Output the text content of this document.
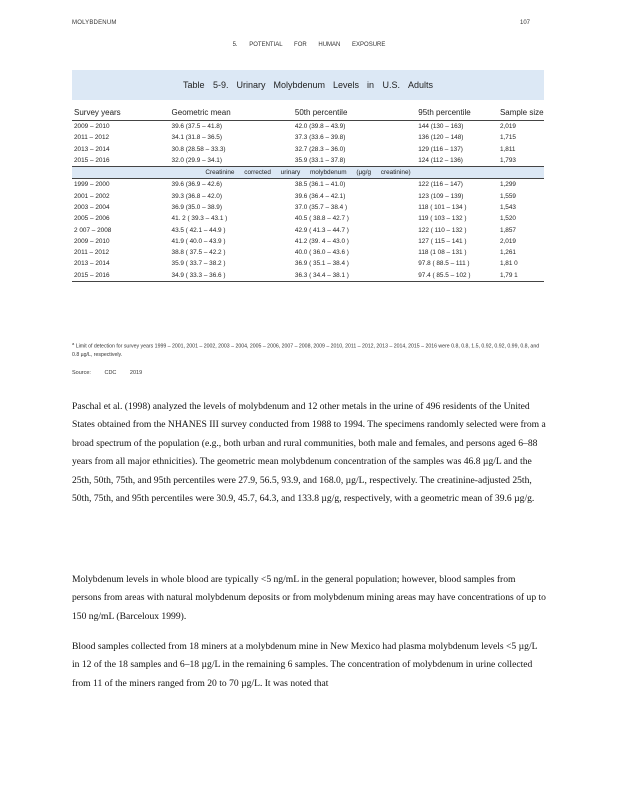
MOLYBDENUM	107
5. POTENTIAL FOR HUMAN EXPOSURE
Table 5-9. Urinary Molybdenum Levels in U.S. Adults
Survey years	Geometric mean	50th percentile	95th percentile	Sample size
2009 – 2010	39.6 (37.5 – 41.8)	42.0 (39.8 – 43.9)	144 (130 – 163)	2,019
2011 – 2012	34.1 (31.8 – 36.5)	37.3 (33.6 – 39.8)	136 (120 – 148)	1,715
2013 – 2014	30.8 (28.58 – 33.3)	32.7 (28.3 – 36.0)	129 (116 – 137)	1,811
2015 – 2016	32.0 (29.9 – 34.1)	35.9 (33.1 – 37.8)	124 (112 – 136)	1,793
Creatinine corrected urinary molybdenum (µg/g creatinine)				
1999 – 2000	39.6 (36.9 – 42.6)	38.5 (36.1 – 41.0)	122 (116 – 147)	1,299
2001 – 2002	39.3 (36.8 – 42.0)	39.6 (36.4 – 42.1)	123 (109 – 139)	1,559
2003 – 2004	36.9 (35.0 – 38.9)	37.0 (35.7 – 38.4 )	118 ( 101 – 134 )	1,543
2005 – 2006	41. 2 ( 39.3 – 43.1 )	40.5 ( 38.8 – 42.7 )	119 ( 103 – 132 )	1,520
2 007 – 2008	43.5 ( 42.1 – 44.9 )	42.9 ( 41.3 – 44.7 )	122 ( 110 – 132 )	1,857
2009 – 2010	41.9 ( 40.0 – 43.9 )	41.2 (39. 4 – 43.0 )	127 ( 115 – 141 )	2,019
2011 – 2012	38.8 ( 37.5 – 42.2 )	40.0 ( 36.0 – 43.6 )	118 (1 08 – 131 )	1,261
2013 – 2014	35.9 ( 33.7 – 38.2 )	36.9 ( 35.1 – 38.4 )	97.8 ( 88.5 – 111 )	1,81 0
2015 – 2016	34.9 ( 33.3 – 36.6 )	36.3 ( 34.4 – 38.1 )	97.4 ( 85.5 – 102 )	1,79 1
$^a$ Limit of detection for survey years 1999 – 2001, 2001 – 2002, 2003 – 2004, 2005 – 2006, 2007 – 2008, 2009 – 2010, 2011 – 2012, 2013 – 2014, 2015 – 2016 were 0.8, 0.8, 1.5, 0.92, 0.92, 0.99, 0.8, and 0.8 µg/L, respectively.
Source: CDC 2019
Paschal et al. (1998) analyzed the levels of molybdenum and 12 other metals in the urine of 496 residents of the United States obtained from the NHANES III survey conducted from 1988 to 1994. The specimens randomly selected were from a broad spectrum of the population (e.g., both urban and rural communities, both male and females, and persons aged 6–88 years from all major ethnicities). The geometric mean molybdenum concentration of the samples was 46.8 µg/L and the 25th, 50th, 75th, and 95th percentiles were 27.9, 56.5, 93.9, and 168.0, µg/L, respectively. The creatinine-adjusted 25th, 50th, 75th, and 95th percentiles were 30.9, 45.7, 64.3, and 133.8 µg/g, respectively, with a geometric mean of 39.6 µg/g.
Molybdenum levels in whole blood are typically <5 ng/mL in the general population; however, blood samples from persons from areas with natural molybdenum deposits or from molybdenum mining areas may have concentrations of up to 150 ng/mL (Barceloux 1999).
Blood samples collected from 18 miners at a molybdenum mine in New Mexico had plasma molybdenum levels <5 µg/L in 12 of the 18 samples and 6–18 µg/L in the remaining 6 samples. The concentration of molybdenum in urine collected from 11 of the miners ranged from 20 to 70 µg/L. It was noted that
